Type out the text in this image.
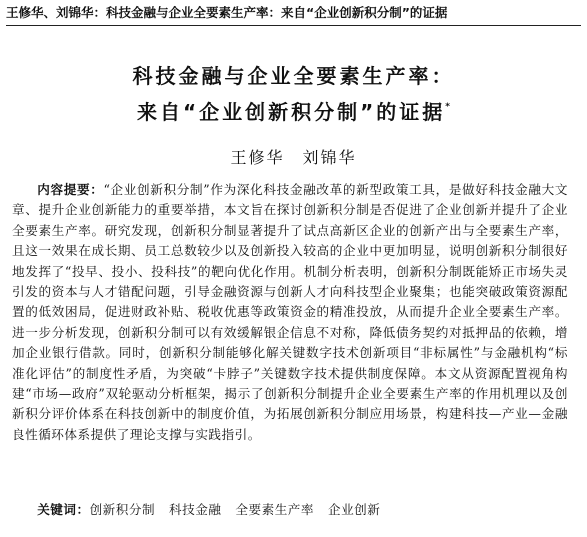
王修华、刘锦华：科技金融与企业全要素生产率：来自“企业创新积分制”的证据
科技金融与企业全要素生产率：
来自“企业创新积分制”的证据*
王修华　刘锦华
内容提要：“企业创新积分制”作为深化科技金融改革的新型政策工具，是做好科技金融大文章、提升企业创新能力的重要举措，本文旨在探讨创新积分制是否促进了企业创新并提升了企业全要素生产率。研究发现，创新积分制显著提升了试点高新区企业的创新产出与全要素生产率，且这一效果在成长期、员工总数较少以及创新投入较高的企业中更加明显，说明创新积分制很好地发挥了“投早、投小、投科技”的靶向优化作用。机制分析表明，创新积分制既能矫正市场失灵引发的资本与人才错配问题，引导金融资源与创新人才向科技型企业聚集；也能突破政策资源配置的低效困局，促进财政补贴、税收优惠等政策资金的精准投放，从而提升企业全要素生产率。进一步分析发现，创新积分制可以有效缓解银企信息不对称，降低债务契约对抵押品的依赖，增加企业银行借款。同时，创新积分制能够化解关键数字技术创新项目“非标属性”与金融机构“标准化评估”的制度性矛盾，为突破“卡脖子”关键数字技术提供制度保障。本文从资源配置视角构建“市场—政府”双轮驱动分析框架，揭示了创新积分制提升企业全要素生产率的作用机理以及创新积分评价体系在科技创新中的制度价值，为拓展创新积分制应用场景，构建科技—产业—金融良性循环体系提供了理论支撑与实践指引。
关键词：创新积分制 科技金融 全要素生产率 企业创新
